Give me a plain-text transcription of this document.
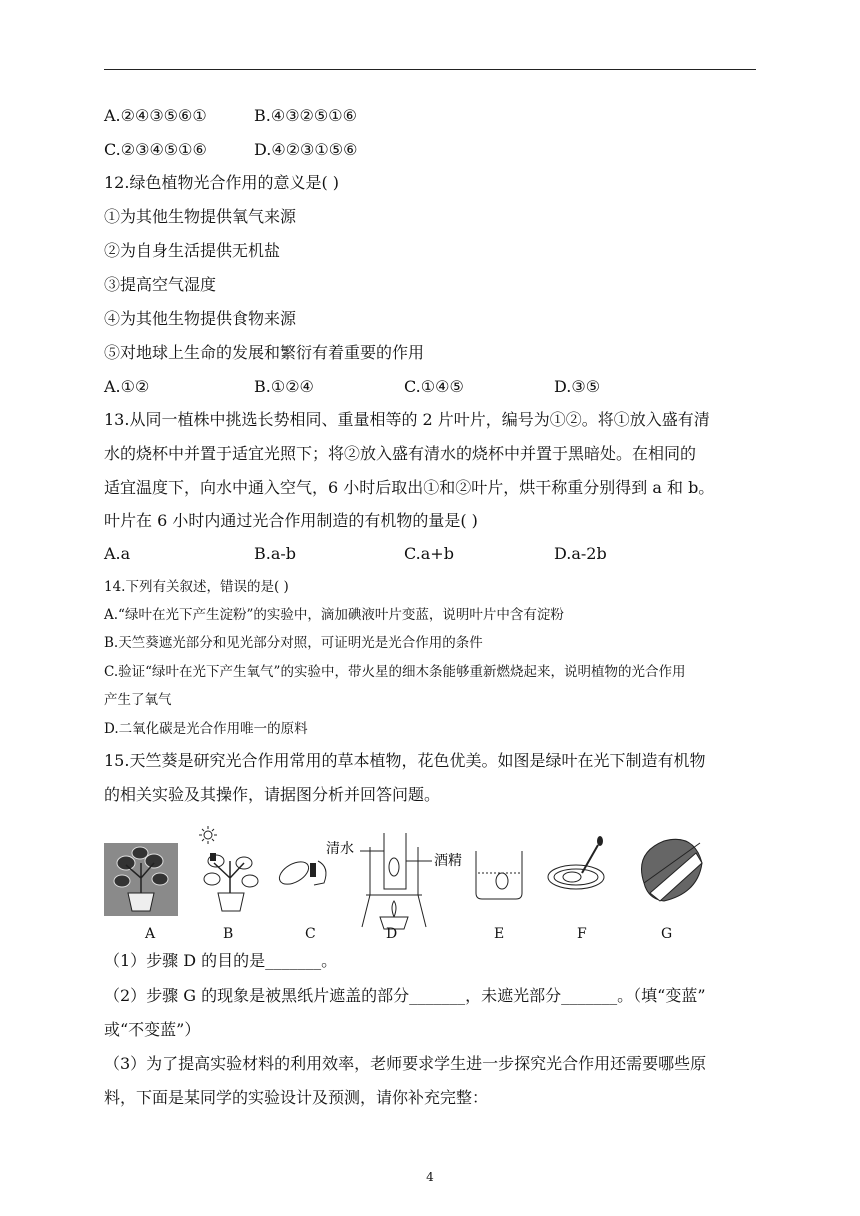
A.②④③⑤⑥①	B.④③②⑤①⑥
C.②③④⑤①⑥	D.④②③①⑤⑥
12.绿色植物光合作用的意义是( )
①为其他生物提供氧气来源
②为自身生活提供无机盐
③提高空气湿度
④为其他生物提供食物来源
⑤对地球上生命的发展和繁衍有着重要的作用
A.①②	B.①②④	C.①④⑤	D.③⑤
13.从同一植株中挑选长势相同、重量相等的 2 片叶片，编号为①②。将①放入盛有清
水的烧杯中并置于适宜光照下；将②放入盛有清水的烧杯中并置于黑暗处。在相同的
适宜温度下，向水中通入空气，6 小时后取出①和②叶片，烘干称重分别得到 a 和 b。
叶片在 6 小时内通过光合作用制造的有机物的量是( )
A.a	B.a-b	C.a+b	D.a-2b
14.下列有关叙述，错误的是( )
A.“绿叶在光下产生淀粉”的实验中，滴加碘液叶片变蓝，说明叶片中含有淀粉
B.天竺葵遮光部分和见光部分对照，可证明光是光合作用的条件
C.验证“绿叶在光下产生氧气”的实验中，带火星的细木条能够重新燃烧起来，说明植物的光合作用
产生了氧气
D.二氧化碳是光合作用唯一的原料
15.天竺葵是研究光合作用常用的草本植物，花色优美。如图是绿叶在光下制造有机物
的相关实验及其操作，请据图分析并回答问题。
清水
酒精
A	B	C	D	E	F	G
（1）步骤 D 的目的是_______。
（2）步骤 G 的现象是被黑纸片遮盖的部分_______，未遮光部分_______。（填“变蓝”
或“不变蓝”）
（3）为了提高实验材料的利用效率，老师要求学生进一步探究光合作用还需要哪些原
料，下面是某同学的实验设计及预测，请你补充完整：
4
